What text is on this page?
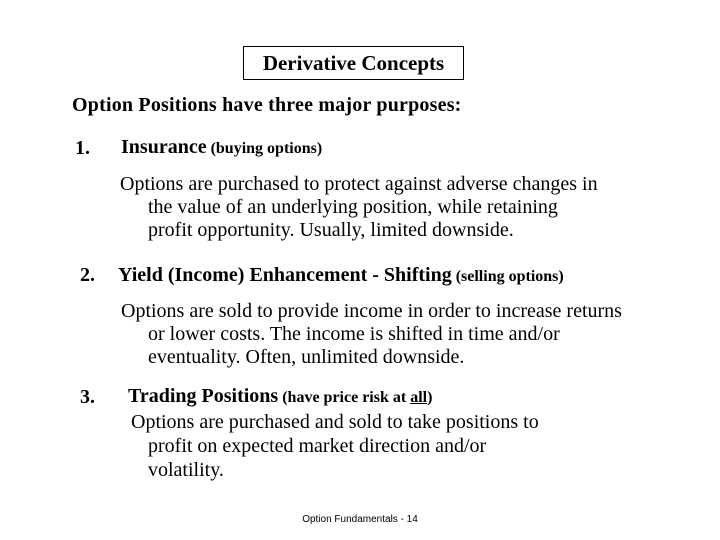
Derivative Concepts
Option Positions have three major purposes:
1. Insurance (buying options)
Options are purchased to protect against adverse changes in
the value of an underlying position, while retaining
profit opportunity. Usually, limited downside.
2. Yield (Income) Enhancement - Shifting (selling options)
Options are sold to provide income in order to increase returns
or lower costs. The income is shifted in time and/or
eventuality. Often, unlimited downside.
3. Trading Positions (have price risk at all)
Options are purchased and sold to take positions to
profit on expected market direction and/or
volatility.
Option Fundamentals - 14
